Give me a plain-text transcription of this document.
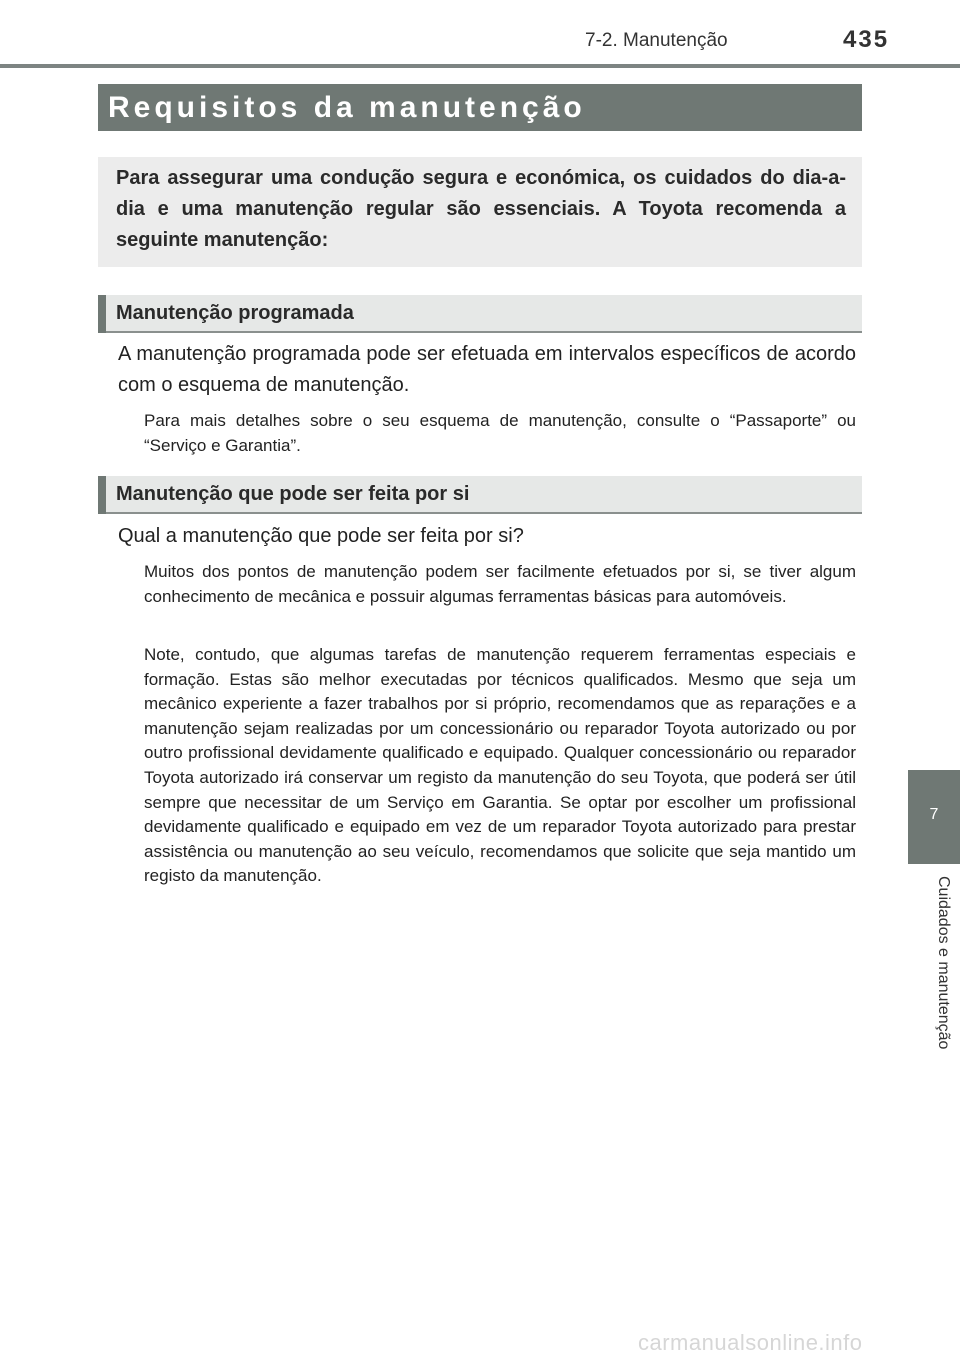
7-2. Manutenção	435
Requisitos da manutenção
Para assegurar uma condução segura e económica, os cuidados do dia-a-dia e uma manutenção regular são essenciais. A Toyota recomenda a seguinte manutenção:
Manutenção programada
A manutenção programada pode ser efetuada em intervalos específicos de acordo com o esquema de manutenção.
Para mais detalhes sobre o seu esquema de manutenção, consulte o “Passaporte” ou “Serviço e Garantia”.
Manutenção que pode ser feita por si
Qual a manutenção que pode ser feita por si?
Muitos dos pontos de manutenção podem ser facilmente efetuados por si, se tiver algum conhecimento de mecânica e possuir algumas ferramentas básicas para automóveis.
Note, contudo, que algumas tarefas de manutenção requerem ferramentas especiais e formação. Estas são melhor executadas por técnicos qualificados. Mesmo que seja um mecânico experiente a fazer trabalhos por si próprio, recomendamos que as reparações e a manutenção sejam realizadas por um concessionário ou reparador Toyota autorizado ou por outro profissional devidamente qualificado e equipado. Qualquer concessionário ou reparador Toyota autorizado irá conservar um registo da manutenção do seu Toyota, que poderá ser útil sempre que necessitar de um Serviço em Garantia. Se optar por escolher um profissional devidamente qualificado e equipado em vez de um reparador Toyota autorizado para prestar assistência ou manutenção ao seu veículo, recomendamos que solicite que seja mantido um registo da manutenção.
7
Cuidados e manutenção
carmanualsonline.info
